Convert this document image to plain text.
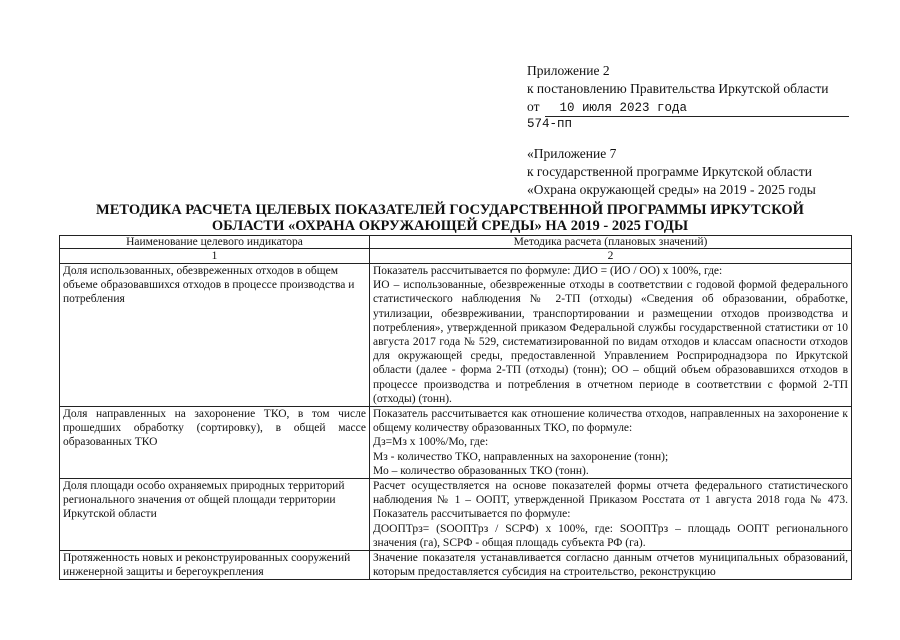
Приложение 2
к постановлению Правительства Иркутской области
от	10 июля 2023 года
574-пп
«Приложение 7
к государственной программе Иркутской области
«Охрана окружающей среды» на 2019 - 2025 годы
МЕТОДИКА РАСЧЕТА ЦЕЛЕВЫХ ПОКАЗАТЕЛЕЙ ГОСУДАРСТВЕННОЙ ПРОГРАММЫ ИРКУТСКОЙ
ОБЛАСТИ «ОХРАНА ОКРУЖАЮЩЕЙ СРЕДЫ» НА 2019 - 2025 ГОДЫ
Наименование целевого индикатора	Методика расчета (плановых значений)
1	2
Доля использованных, обезвреженных отходов в общем объеме образовавшихся отходов в процессе производства и потребления	Показатель рассчитывается по формуле: ДИО = (ИО / ОО) х 100%, где:

ИО – использованные, обезвреженные отходы в соответствии с годовой формой федерального статистического наблюдения № 2-ТП (отходы) «Сведения об образовании, обработке, утилизации, обезвреживании, транспортировании и размещении отходов производства и потребления», утвержденной приказом Федеральной службы государственной статистики от 10 августа 2017 года № 529, систематизированной по видам отходов и классам опасности отходов для окружающей среды, предоставленной Управлением Росприроднадзора по Иркутской области (далее - форма 2-ТП (отходы) (тонн); ОО – общий объем образовавшихся отходов в процессе производства и потребления в отчетном периоде в соответствии с формой 2-ТП (отходы) (тонн).

Доля направленных на захоронение ТКО, в том числе прошедших обработку (сортировку), в общей массе образованных ТКО	Показатель рассчитывается как отношение количества отходов, направленных на захоронение к общему количеству образованных ТКО, по формуле:

Дз=Мз х 100%/Мо, где:

Мз - количество ТКО, направленных на захоронение (тонн);

Мо – количество образованных ТКО (тонн).

Доля площади особо охраняемых природных территорий регионального значения от общей площади территории Иркутской области	Расчет осуществляется на основе показателей формы отчета федерального статистического наблюдения № 1 – ООПТ, утвержденной Приказом Росстата от 1 августа 2018 года № 473. Показатель рассчитывается по формуле:

ДООПТрз= (SOOПТрз / SCPФ) х 100%, где: SOOПТрз – площадь ООПТ регионального значения (га), SCPФ - общая площадь субъекта РФ (га).

Протяженность новых и реконструированных сооружений инженерной защиты и берегоукрепления	Значение показателя устанавливается согласно данным отчетов муниципальных образований, которым предоставляется субсидия на строительство, реконструкцию
